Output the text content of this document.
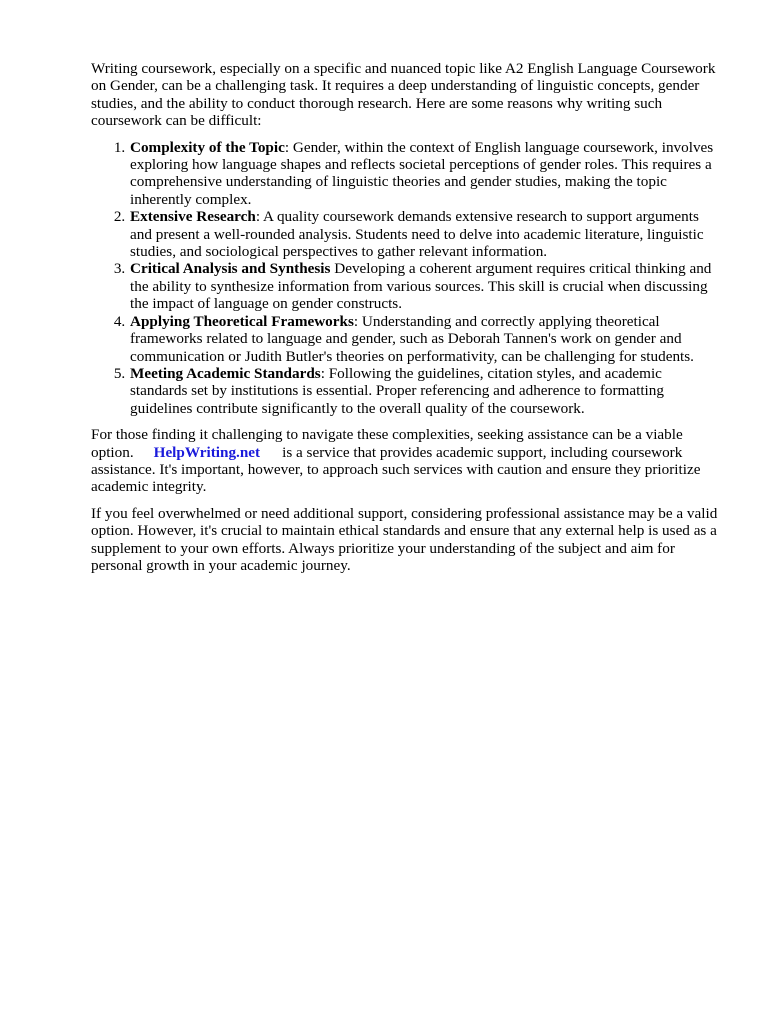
Writing coursework, especially on a specific and nuanced topic like A2 English Language Coursework on Gender, can be a challenging task. It requires a deep understanding of linguistic concepts, gender studies, and the ability to conduct thorough research. Here are some reasons why writing such coursework can be difficult:

1. Complexity of the Topic: Gender, within the context of English language coursework, involves exploring how language shapes and reflects societal perceptions of gender roles. This requires a comprehensive understanding of linguistic theories and gender studies, making the topic inherently complex.
2. Extensive Research: A quality coursework demands extensive research to support arguments and present a well-rounded analysis. Students need to delve into academic literature, linguistic studies, and sociological perspectives to gather relevant information.
3. Critical Analysis and Synthesis Developing a coherent argument requires critical thinking and the ability to synthesize information from various sources. This skill is crucial when discussing the impact of language on gender constructs.
4. Applying Theoretical Frameworks: Understanding and correctly applying theoretical frameworks related to language and gender, such as Deborah Tannen's work on gender and communication or Judith Butler's theories on performativity, can be challenging for students.
5. Meeting Academic Standards: Following the guidelines, citation styles, and academic standards set by institutions is essential. Proper referencing and adherence to formatting guidelines contribute significantly to the overall quality of the coursework.

For those finding it challenging to navigate these complexities, seeking assistance can be a viable option. HelpWriting.net is a service that provides academic support, including coursework assistance. It's important, however, to approach such services with caution and ensure they prioritize academic integrity.

If you feel overwhelmed or need additional support, considering professional assistance may be a valid option. However, it's crucial to maintain ethical standards and ensure that any external help is used as a supplement to your own efforts. Always prioritize your understanding of the subject and aim for personal growth in your academic journey.
